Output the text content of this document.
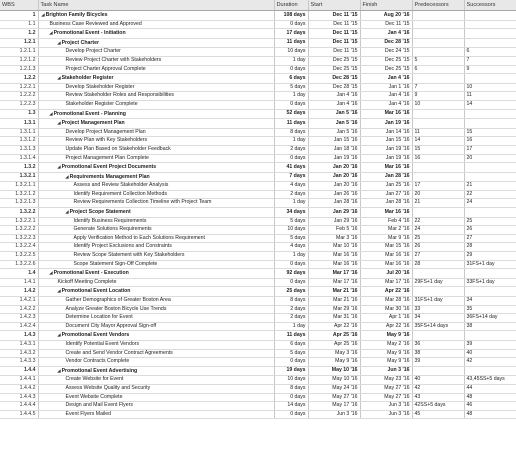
WBS	Task Name	Duration	Start	Finish	Predecessors	Successors
1	◢Brighton Family Bicycles	108 days	Dec 11 '15	Aug 20 '16		
1.1	Business Case Reviewed and Approved	0 days	Dec 11 '15	Dec 11 '15		
1.2	◢Promotional Event - Initiation	17 days	Dec 11 '15	Jan 4 '16		
1.2.1	◢Project Charter	11 days	Dec 11 '15	Dec 28 '15		
1.2.1.1	Develop Project Charter	10 days	Dec 11 '15	Dec 24 '15		6
1.2.1.2	Review Project Charter with Stakeholders	1 day	Dec 25 '15	Dec 25 '15	5	7
1.2.1.3	Project Charter Approval Complete	0 days	Dec 25 '15	Dec 25 '15	6	9
1.2.2	◢Stakeholder Register	6 days	Dec 28 '15	Jan 4 '16		
1.2.2.1	Develop Stakeholder Register	5 days	Dec 28 '15	Jan 1 '16	7	10
1.2.2.2	Review Stakeholder Roles and Responsibilities	1 day	Jan 4 '16	Jan 4 '16	9	11
1.2.2.3	Stakeholder Register Complete	0 days	Jan 4 '16	Jan 4 '16	10	14
1.3	◢Promotional Event - Planning	52 days	Jan 5 '16	Mar 16 '16		
1.3.1	◢Project Management Plan	11 days	Jan 5 '16	Jan 19 '16		
1.3.1.1	Develop Project Management Plan	8 days	Jan 5 '16	Jan 14 '16	11	15
1.3.1.2	Review Plan with Key Stakeholders	1 day	Jan 15 '16	Jan 15 '16	14	16
1.3.1.3	Update Plan Based on Stakeholder Feedback	2 days	Jan 18 '16	Jan 19 '16	15	17
1.3.1.4	Project Management Plan Complete	0 days	Jan 19 '16	Jan 19 '16	16	20
1.3.2	◢Promotional Event Project Documents	41 days	Jan 20 '16	Mar 16 '16		
1.3.2.1	◢Requirements Management Plan	7 days	Jan 20 '16	Jan 28 '16		
1.3.2.1.1	Assess and Review Stakeholder Analysis	4 days	Jan 20 '16	Jan 25 '16	17	21
1.3.2.1.2	Identify Requirement Collection Methods	2 days	Jan 26 '16	Jan 27 '16	20	22
1.3.2.1.3	Review Requirements Collection Timeline with Project Team	1 day	Jan 28 '16	Jan 28 '16	21	24
1.3.2.2	◢Project Scope Statement	34 days	Jan 29 '16	Mar 16 '16		
1.3.2.2.1	Identify Business Requirements	5 days	Jan 29 '16	Feb 4 '16	22	25
1.3.2.2.2	Generate Solutions Requirements	10 days	Feb 5 '16	Mar 2 '16	24	26
1.3.2.2.3	Apply Verification Method to Each Solutions Requirement	5 days	Mar 3 '16	Mar 9 '16	25	27
1.3.2.2.4	Identify Project Exclusions and Constraints	4 days	Mar 10 '16	Mar 15 '16	26	28
1.3.2.2.5	Review Scope Statement with Key Stakeholders	1 day	Mar 16 '16	Mar 16 '16	27	29
1.3.2.2.6	Scope Statement Sign-Off Complete	0 days	Mar 16 '16	Mar 16 '16	28	31FS+1 day
1.4	◢Promotional Event - Execution	92 days	Mar 17 '16	Jul 20 '16		
1.4.1	Kickoff Meeting Complete	0 days	Mar 17 '16	Mar 17 '16	29FS+1 day	33FS+1 day
1.4.2	◢Promotional Event Location	25 days	Mar 21 '16	Apr 22 '16		
1.4.2.1	Gather Demographics of Greater Boston Area	8 days	Mar 21 '16	Mar 28 '16	31FS+1 day	34
1.4.2.2	Analyze Greater Boston Bicycle Use Trends	2 days	Mar 29 '16	Mar 30 '16	33	35
1.4.2.3	Determine Location for Event	2 days	Mar 31 '16	Apr 1 '16	34	36FS+14 day
1.4.2.4	Document City Mayor Approval Sign-off	1 day	Apr 22 '16	Apr 22 '16	35FS+14 days	38
1.4.3	◢Promotional Event Vendors	11 days	Apr 25 '16	May 9 '16		
1.4.3.1	Identify Potential Event Vendors	6 days	Apr 25 '16	May 2 '16	36	39
1.4.3.2	Create and Send Vendor Contract Agreements	5 days	May 3 '16	May 9 '16	38	40
1.4.3.3	Vendor Contracts Complete	0 days	May 9 '16	May 9 '16	39	42
1.4.4	◢Promotional Event Advertising	19 days	May 10 '16	Jun 3 '16		
1.4.4.1	Create Website for Event	10 days	May 10 '16	May 23 '16	40	43,45SS+5 days
1.4.4.2	Assess Website Quality and Security	8 days	May 24 '16	May 27 '16	42	44
1.4.4.3	Event Website Complete	0 days	May 27 '16	May 27 '16	43	48
1.4.4.4	Design and Mail Event Flyers	14 days	May 17 '16	Jun 3 '16	42SS+5 days	46
1.4.4.5	Event Flyers Mailed	0 days	Jun 3 '16	Jun 3 '16	45	48
